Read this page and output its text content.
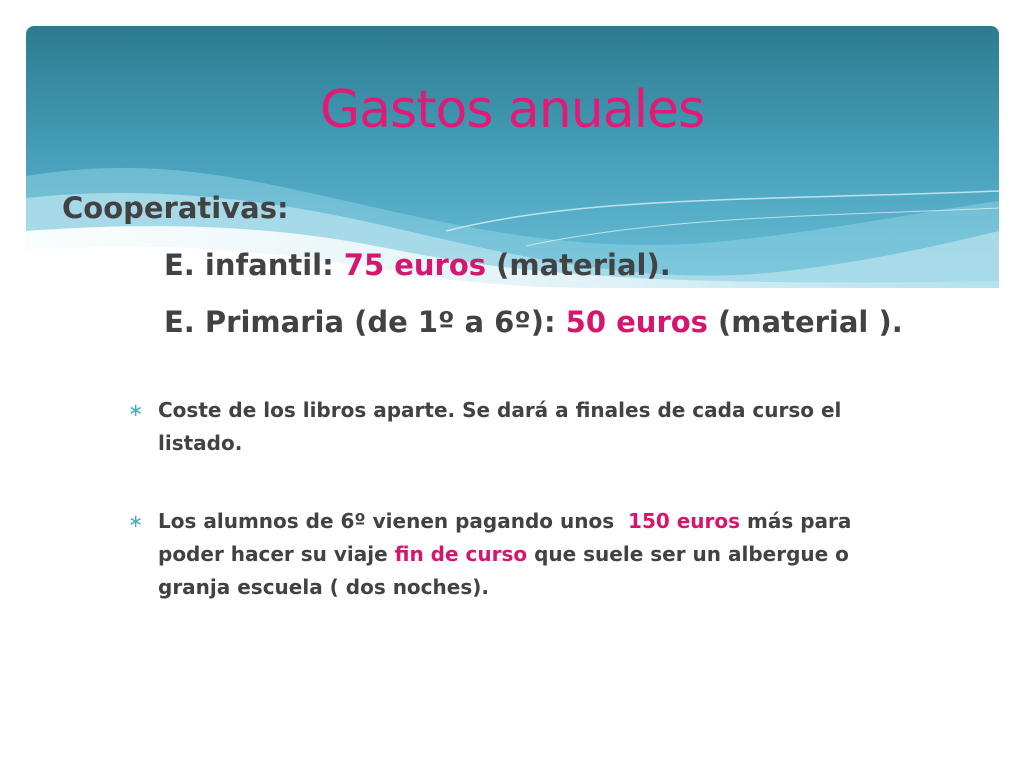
Gastos anuales
Cooperativas:
E. infantil: 75 euros (material).
E. Primaria (de 1º a 6º): 50 euros (material ).
∗ Coste de los libros aparte. Se dará a finales de cada curso el listado.
∗ Los alumnos de 6º vienen pagando unos  150 euros más para poder hacer su viaje fin de curso que suele ser un albergue o granja escuela ( dos noches).
